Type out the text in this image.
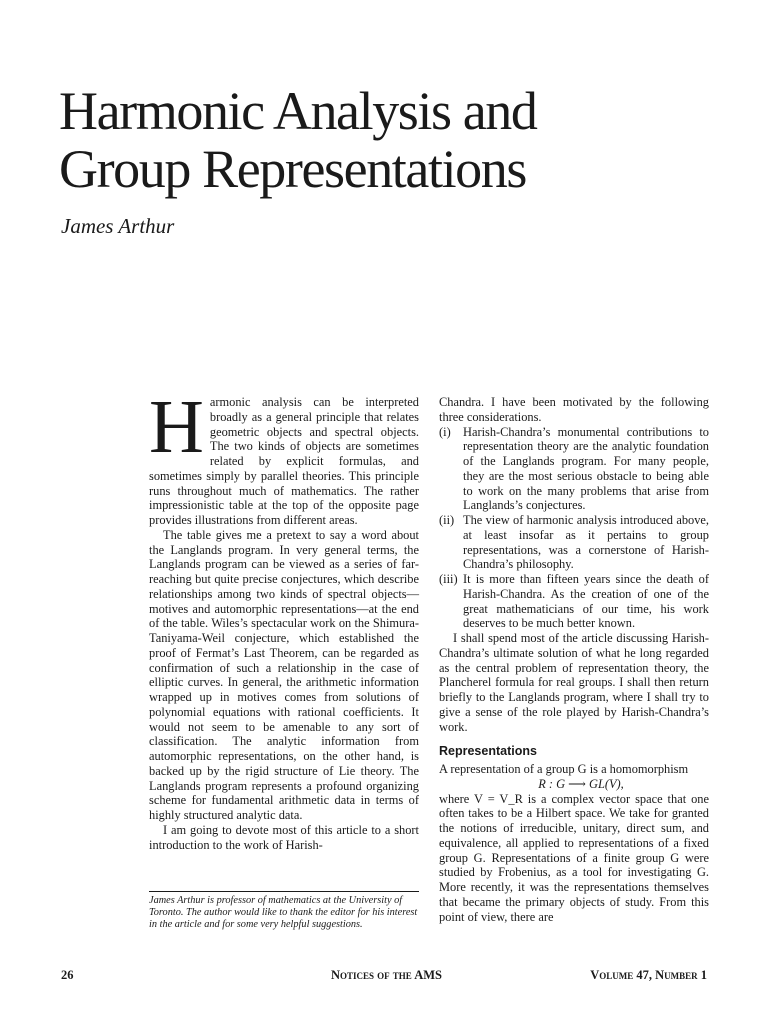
Harmonic Analysis and
Group Representations

James Arthur

Harmonic analysis can be interpreted broadly as a general principle that relates geometric objects and spectral objects. The two kinds of objects are sometimes related by explicit formulas, and sometimes simply by parallel theories. This principle runs throughout much of mathematics. The rather impressionistic table at the top of the opposite page provides illustrations from different areas.

The table gives me a pretext to say a word about the Langlands program. In very general terms, the Langlands program can be viewed as a series of far-reaching but quite precise conjectures, which describe relationships among two kinds of spectral objects—motives and automorphic representations—at the end of the table. Wiles’s spectacular work on the Shimura-Taniyama-Weil conjecture, which established the proof of Fermat’s Last Theorem, can be regarded as confirmation of such a relationship in the case of elliptic curves. In general, the arithmetic information wrapped up in motives comes from solutions of polynomial equations with rational coefficients. It would not seem to be amenable to any sort of classification. The analytic information from automorphic representations, on the other hand, is backed up by the rigid structure of Lie theory. The Langlands program represents a profound organizing scheme for fundamental arithmetic data in terms of highly structured analytic data.

I am going to devote most of this article to a short introduction to the work of Harish-

Chandra. I have been motivated by the following three considerations.

(i) Harish-Chandra’s monumental contributions to representation theory are the analytic foundation of the Langlands program. For many people, they are the most serious obstacle to being able to work on the many problems that arise from Langlands’s conjectures.
(ii) The view of harmonic analysis introduced above, at least insofar as it pertains to group representations, was a cornerstone of Harish-Chandra’s philosophy.
(iii) It is more than fifteen years since the death of Harish-Chandra. As the creation of one of the great mathematicians of our time, his work deserves to be much better known.

I shall spend most of the article discussing Harish-Chandra’s ultimate solution of what he long regarded as the central problem of representation theory, the Plancherel formula for real groups. I shall then return briefly to the Langlands program, where I shall try to give a sense of the role played by Harish-Chandra’s work.

Representations

A representation of a group G is a homomorphism

R : G ⟶ GL(V),

where V = V_R is a complex vector space that one often takes to be a Hilbert space. We take for granted the notions of irreducible, unitary, direct sum, and equivalence, all applied to representations of a fixed group G. Representations of a finite group G were studied by Frobenius, as a tool for investigating G. More recently, it was the representations themselves that became the primary objects of study. From this point of view, there are

James Arthur is professor of mathematics at the University of Toronto. The author would like to thank the editor for his interest in the article and for some very helpful suggestions.
26	Notices of the AMS	Volume 47, Number 1
